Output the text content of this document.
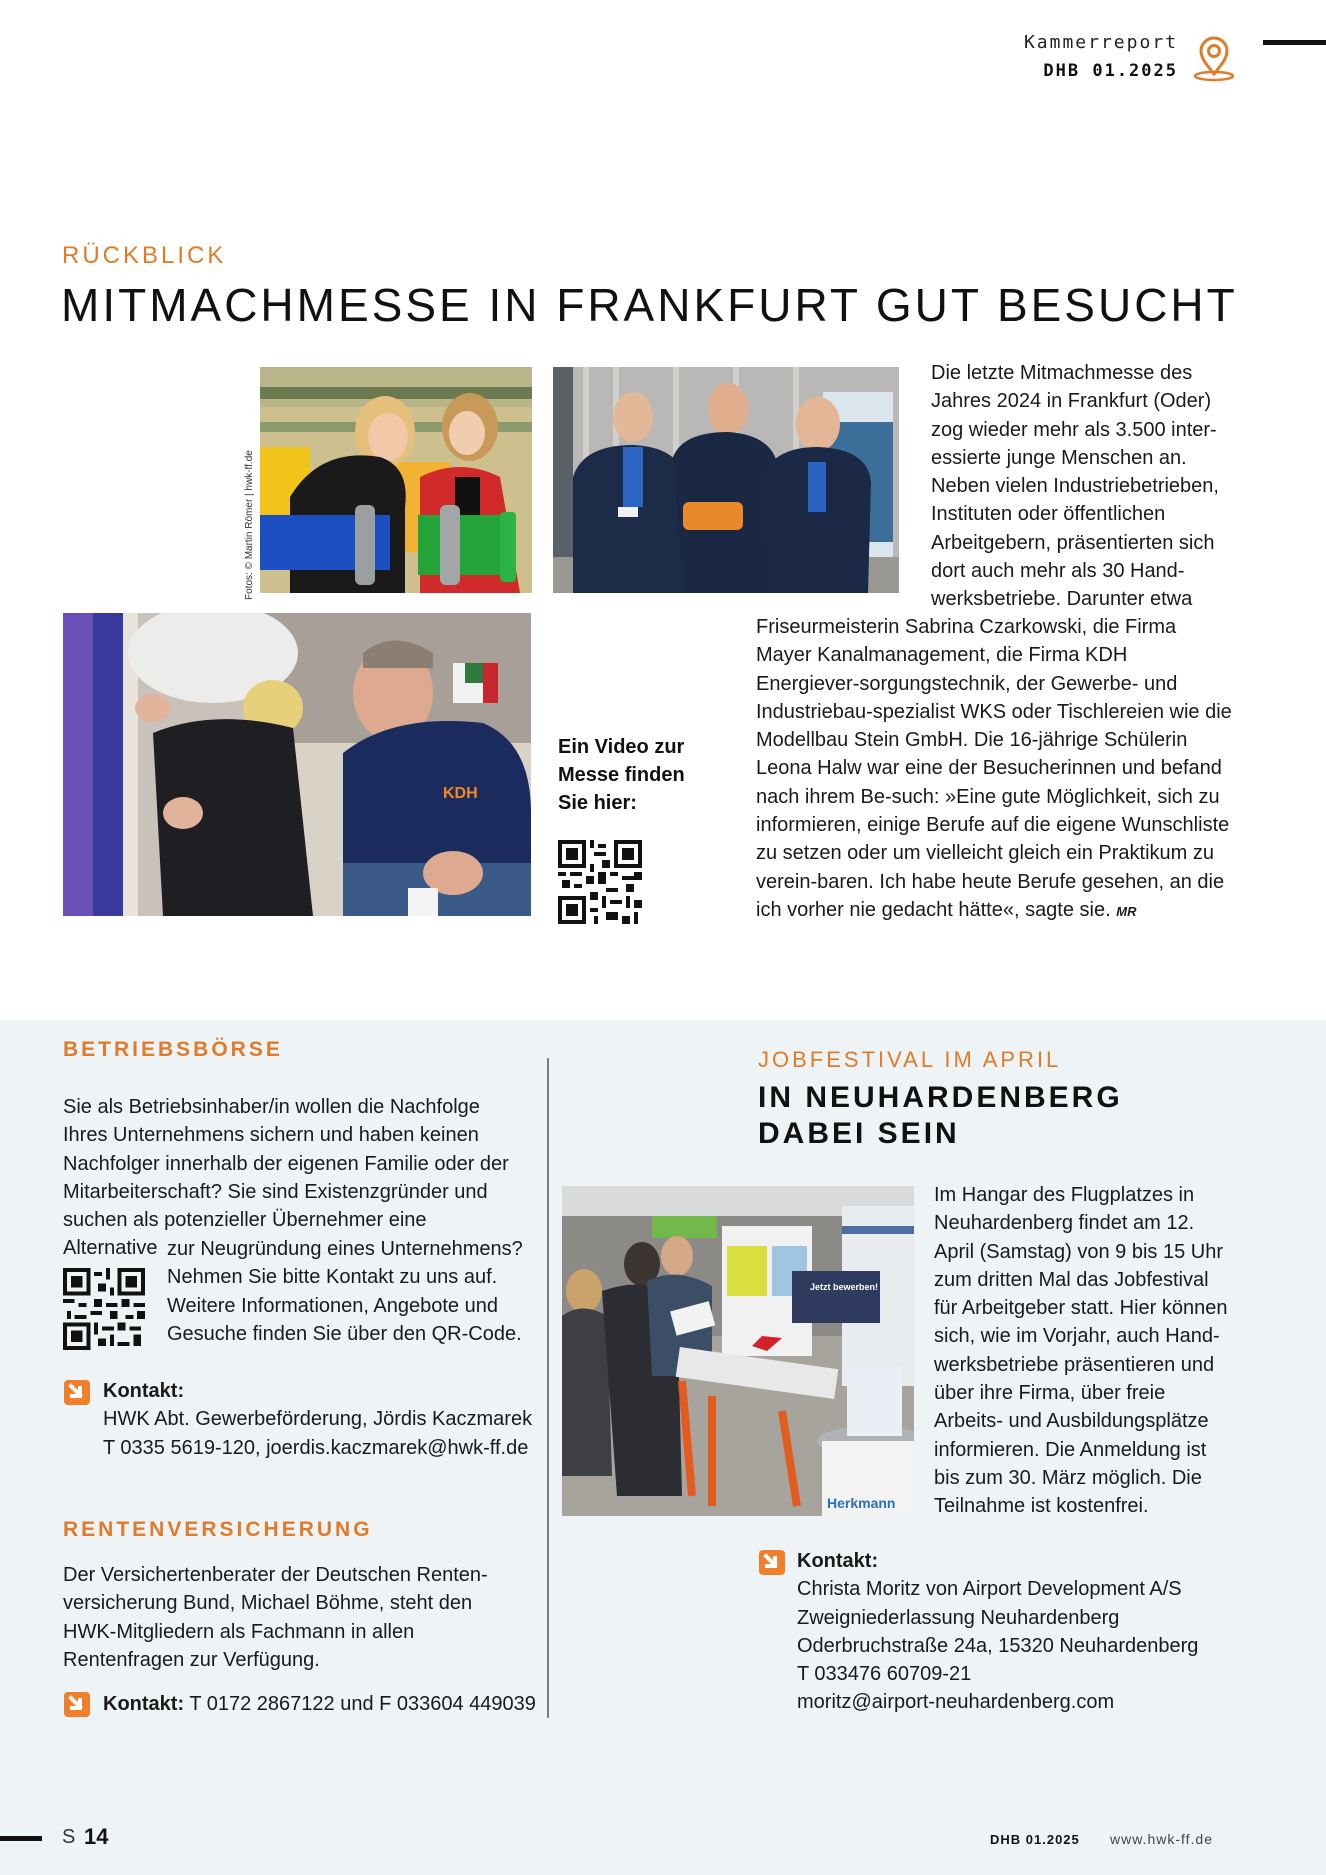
Kammerreport
DHB 01.2025
RÜCKBLICK
MITMACHMESSE IN FRANKFURT GUT BESUCHT
Fotos: © Martin Römer | hwk-ff.de
KDH
Ein Video zur Messe finden Sie hier:
Die letzte Mitmachmesse des Jahres 2024 in Frankfurt (Oder) zog wieder mehr als 3.500 inter-essierte junge Menschen an. Neben vielen Industriebetrieben, Instituten oder öffentlichen Arbeitgebern, präsentierten sich dort auch mehr als 30 Hand-werksbetriebe. Darunter etwa
Friseurmeisterin Sabrina Czarkowski, die Firma Mayer Kanalmanagement, die Firma KDH Energiever-sorgungstechnik, der Gewerbe- und Industriebau-spezialist WKS oder Tischlereien wie die Modellbau Stein GmbH. Die 16-jährige Schülerin Leona Halw war eine der Besucherinnen und befand nach ihrem Be-such: »Eine gute Möglichkeit, sich zu informieren, einige Berufe auf die eigene Wunschliste zu setzen oder um vielleicht gleich ein Praktikum zu verein-baren. Ich habe heute Berufe gesehen, an die ich vorher nie gedacht hätte«, sagte sie. MR
BETRIEBSBÖRSE
Sie als Betriebsinhaber/in wollen die Nachfolge Ihres Unternehmens sichern und haben keinen Nachfolger innerhalb der eigenen Familie oder der Mitarbeiterschaft? Sie sind Existenzgründer und suchen als potenzieller Übernehmer eine Alternative zur Neugründung eines Unternehmens? Nehmen Sie bitte Kontakt zu uns auf. Weitere Informationen, Angebote und Gesuche finden Sie über den QR-Code.
Kontakt:
HWK Abt. Gewerbeförderung, Jördis Kaczmarek
T 0335 5619-120, joerdis.kaczmarek@hwk-ff.de
RENTENVERSICHERUNG
Der Versichertenberater der Deutschen Renten-versicherung Bund, Michael Böhme, steht den HWK-Mitgliedern als Fachmann in allen Rentenfragen zur Verfügung.
Kontakt: T 0172 2867122 und F 033604 449039
JOBFESTIVAL IM APRIL
IN NEUHARDENBERG
DABEI SEIN
Jetzt bewerben!
Herkmann
Im Hangar des Flugplatzes in Neuhardenberg findet am 12. April (Samstag) von 9 bis 15 Uhr zum dritten Mal das Jobfestival für Arbeitgeber statt. Hier können sich, wie im Vorjahr, auch Hand-werksbetriebe präsentieren und über ihre Firma, über freie Arbeits- und Ausbildungsplätze informieren. Die Anmeldung ist bis zum 30. März möglich. Die Teilnahme ist kostenfrei.
Kontakt:
Christa Moritz von Airport Development A/S
Zweigniederlassung Neuhardenberg
Oderbruchstraße 24a, 15320 Neuhardenberg
T 033476 60709-21
moritz@airport-neuhardenberg.com
S 14	DHB 01.2025 www.hwk-ff.de
